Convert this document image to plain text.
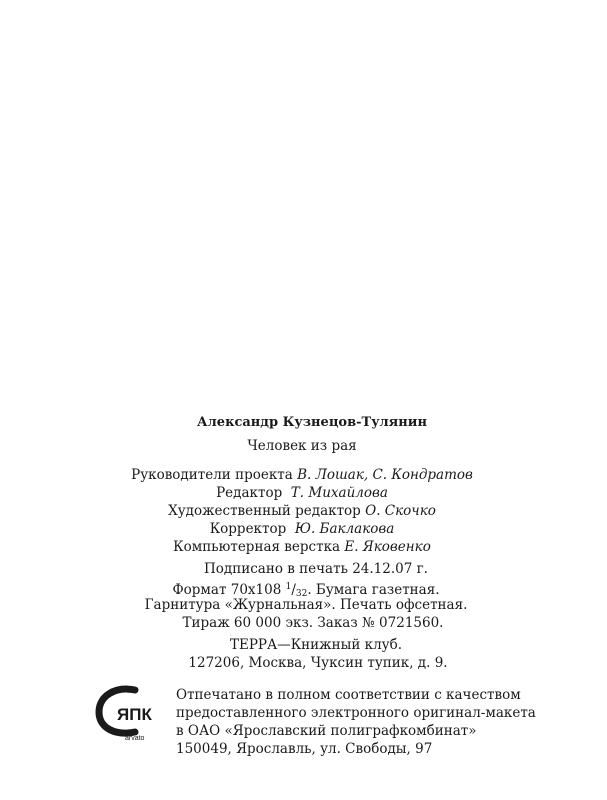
Александр Кузнецов-Тулянин
Человек из рая
Руководители проекта В. Лошак, С. Кондратов
Редактор Т. Михайлова
Художественный редактор О. Скочко
Корректор Ю. Баклакова
Компьютерная верстка Е. Яковенко
Подписано в печать 24.12.07 г.
Формат 70x108 $^1/_{32}$. Бумага газетная.
Гарнитура «Журнальная». Печать офсетная.
Тираж 60 000 экз. Заказ № 0721560.
ТЕРРА—Книжный клуб.
127206, Москва, Чуксин тупик, д. 9.
ЯПК
arvato
Отпечатано в полном соответствии с качеством
предоставленного электронного оригинал-макета
в ОАО «Ярославский полиграфкомбинат»
150049, Ярославль, ул. Свободы, 97
